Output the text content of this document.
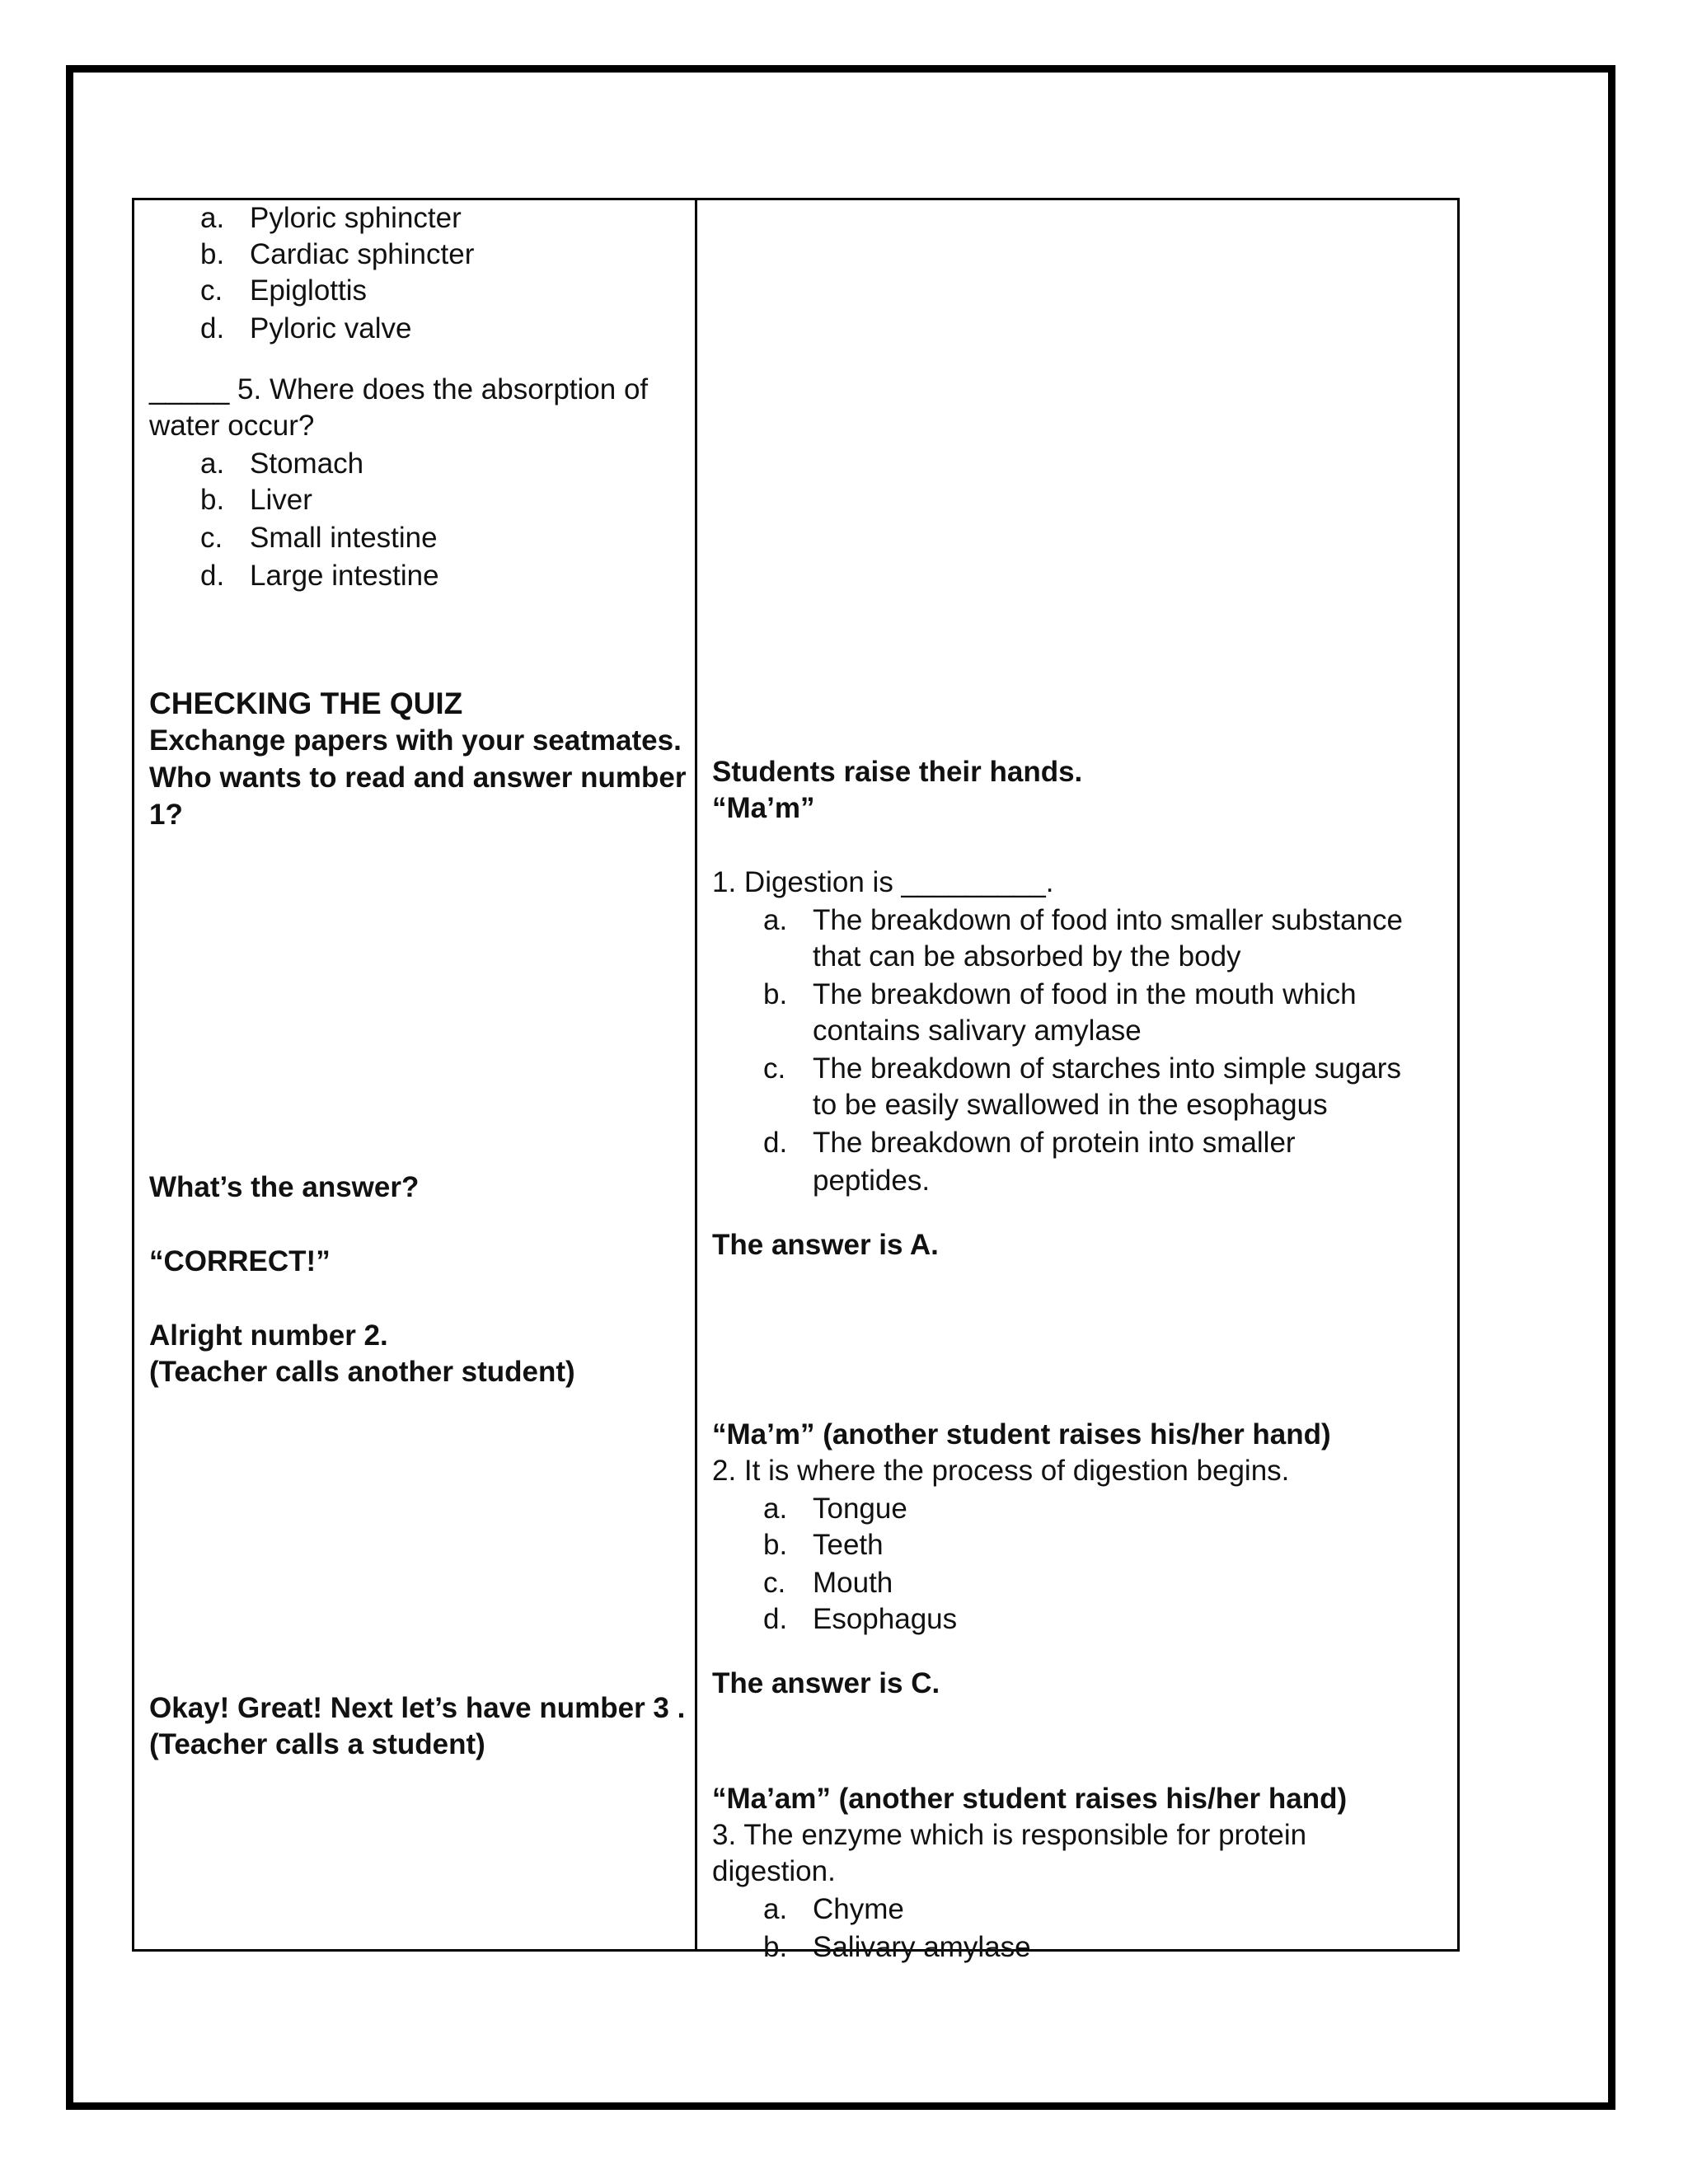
a. Pyloric sphincter
b. Cardiac sphincter
c. Epiglottis
d. Pyloric valve
_____ 5. Where does the absorption of
water occur?
a. Stomach
b. Liver
c. Small intestine
d. Large intestine
CHECKING THE QUIZ
Exchange papers with your seatmates.
Who wants to read and answer number
1?
What’s the answer?
“CORRECT!”
Alright number 2.
(Teacher calls another student)
Okay! Great! Next let’s have number 3 .
(Teacher calls a student)
Students raise their hands.
“Ma’m”
1. Digestion is _________.
a. The breakdown of food into smaller substance
that can be absorbed by the body
b. The breakdown of food in the mouth which
contains salivary amylase
c. The breakdown of starches into simple sugars
to be easily swallowed in the esophagus
d. The breakdown of protein into smaller
peptides.
The answer is A.
“Ma’m” (another student raises his/her hand)
2. It is where the process of digestion begins.
a. Tongue
b. Teeth
c. Mouth
d. Esophagus
The answer is C.
“Ma’am” (another student raises his/her hand)
3. The enzyme which is responsible for protein
digestion.
a. Chyme
b. Salivary amylase
